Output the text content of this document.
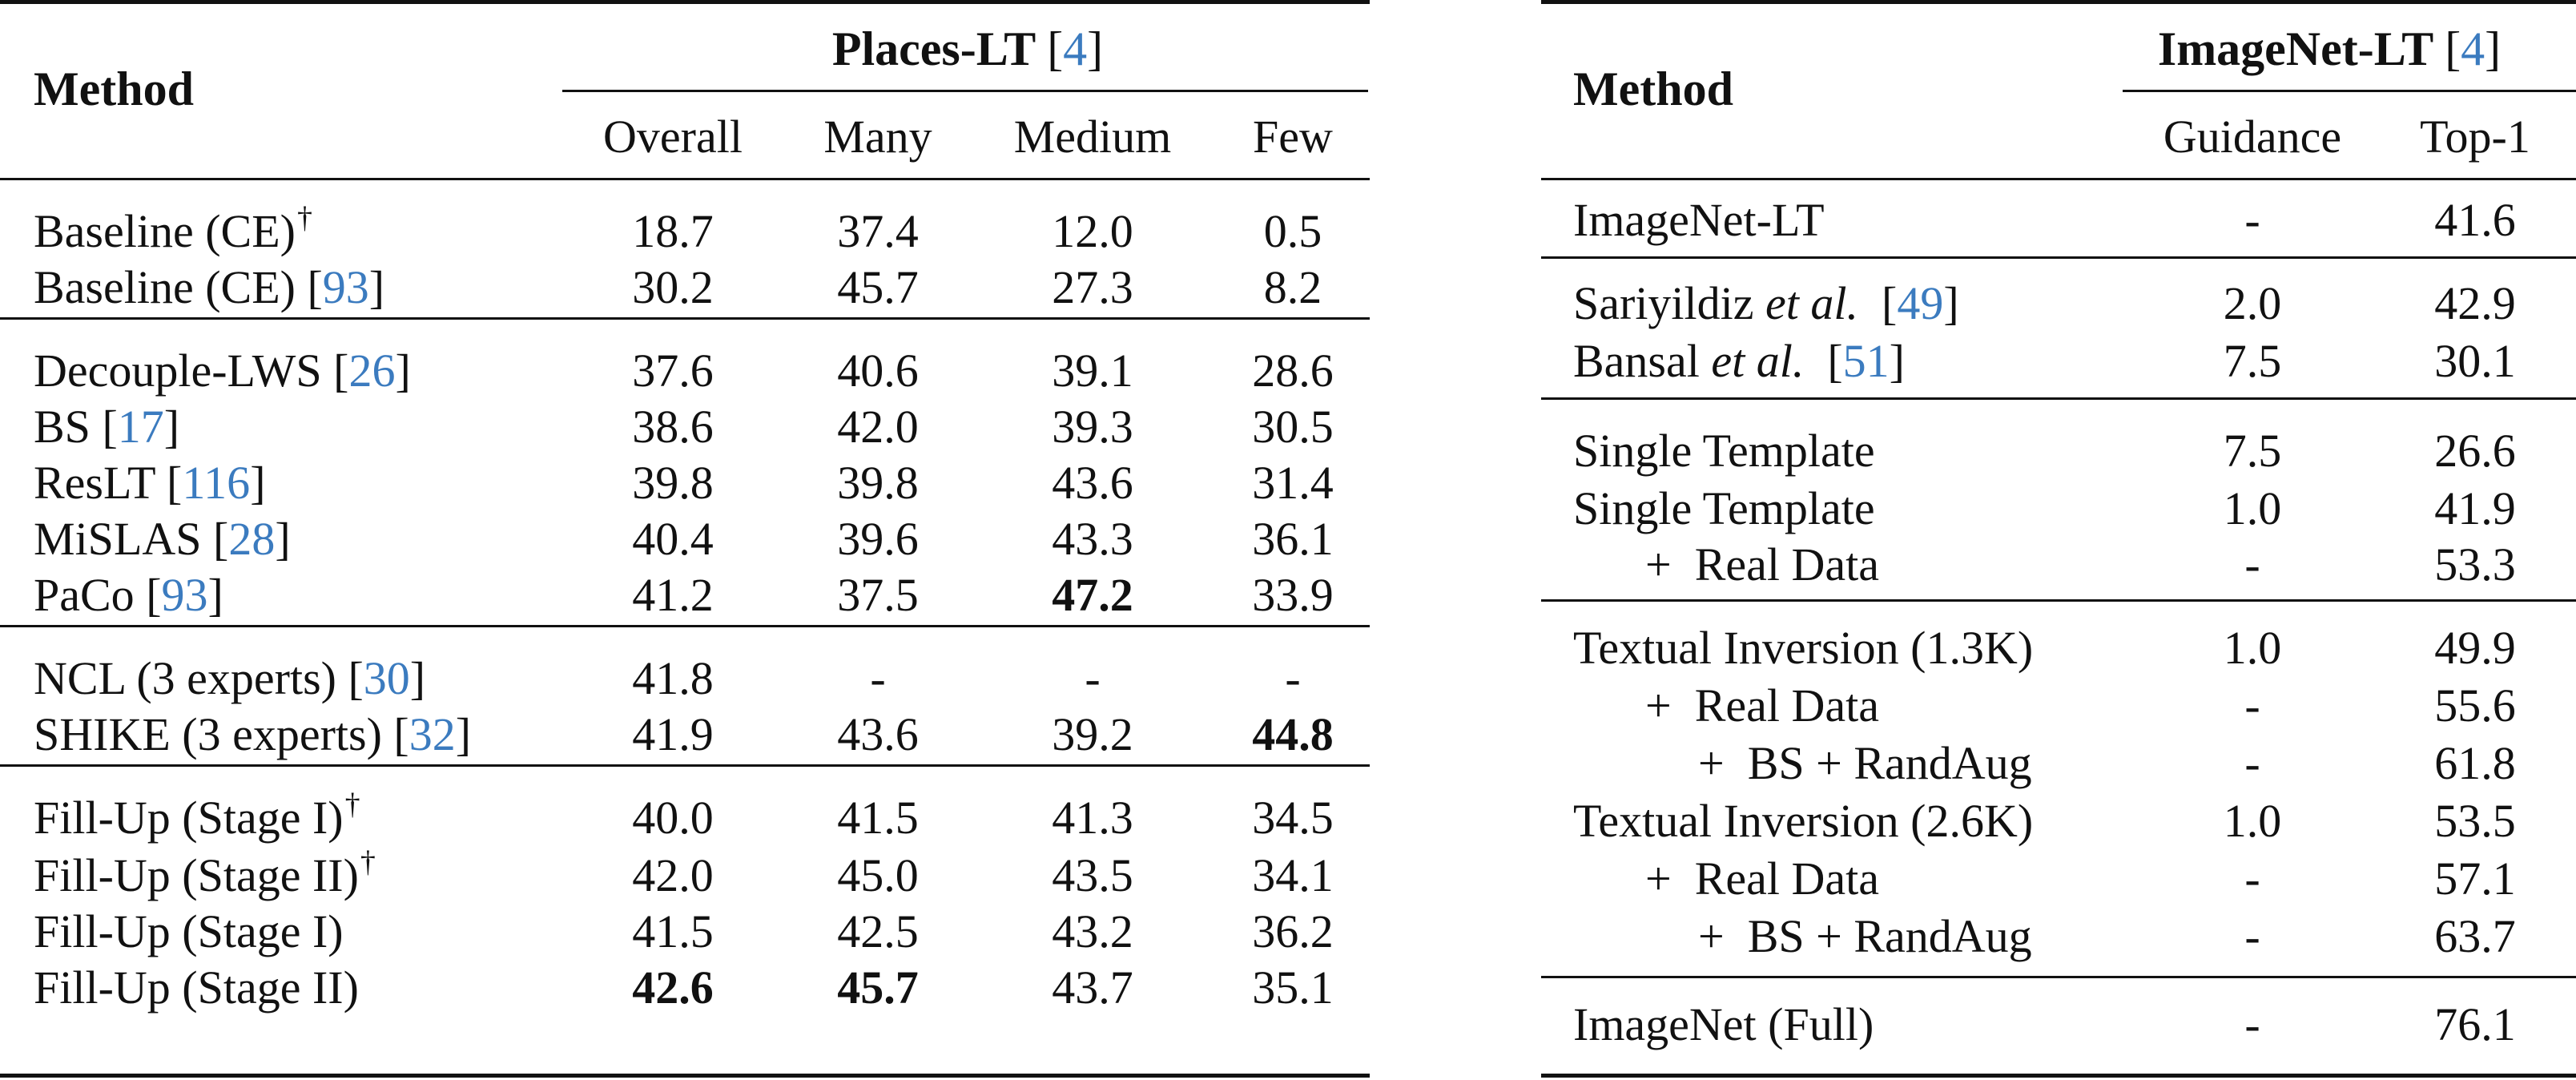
Method
Places-LT [4]
Overall Many Medium Few
Baseline (CE)†	18.7	37.4	12.0	0.5
Baseline (CE) [93]	30.2	45.7	27.3	8.2
Decouple-LWS [26]	37.6	40.6	39.1	28.6
BS [17]	38.6	42.0	39.3	30.5
ResLT [116]	39.8	39.8	43.6	31.4
MiSLAS [28]	40.4	39.6	43.3	36.1
PaCo [93]	41.2	37.5	47.2	33.9
NCL (3 experts) [30]	41.8	-	-	-
SHIKE (3 experts) [32]	41.9	43.6	39.2	44.8
Fill-Up (Stage I)†	40.0	41.5	41.3	34.5
Fill-Up (Stage II)†	42.0	45.0	43.5	34.1
Fill-Up (Stage I)	41.5	42.5	43.2	36.2
Fill-Up (Stage II)	42.6	45.7	43.7	35.1
Method
ImageNet-LT [4]
Guidance Top-1
ImageNet-LT	-	41.6
Sariyildiz et al.  [49]	2.0	42.9
Bansal et al.  [51]	7.5	30.1
Single Template	7.5	26.6
Single Template	1.0	41.9
+  Real Data	-	53.3
Textual Inversion (1.3K)	1.0	49.9
+  Real Data	-	55.6
+  BS + RandAug	-	61.8
Textual Inversion (2.6K)	1.0	53.5
+  Real Data	-	57.1
+  BS + RandAug	-	63.7
ImageNet (Full)	-	76.1
